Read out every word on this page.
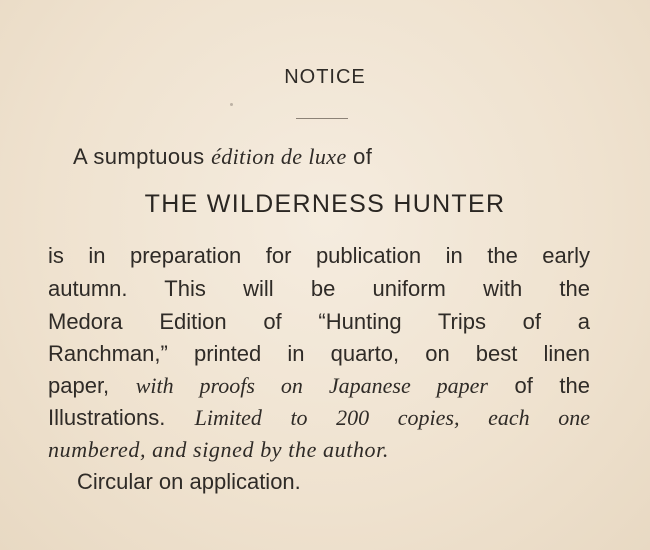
NOTICE
A sumptuous édition de luxe of
THE WILDERNESS HUNTER
is in preparation for publication in the early
autumn. This will be uniform with the
Medora Edition of “Hunting Trips of a
Ranchman,” printed in quarto, on best linen
paper, with proofs on Japanese paper of the
Illustrations. Limited to 200 copies, each one
numbered, and signed by the author.
Circular on application.
